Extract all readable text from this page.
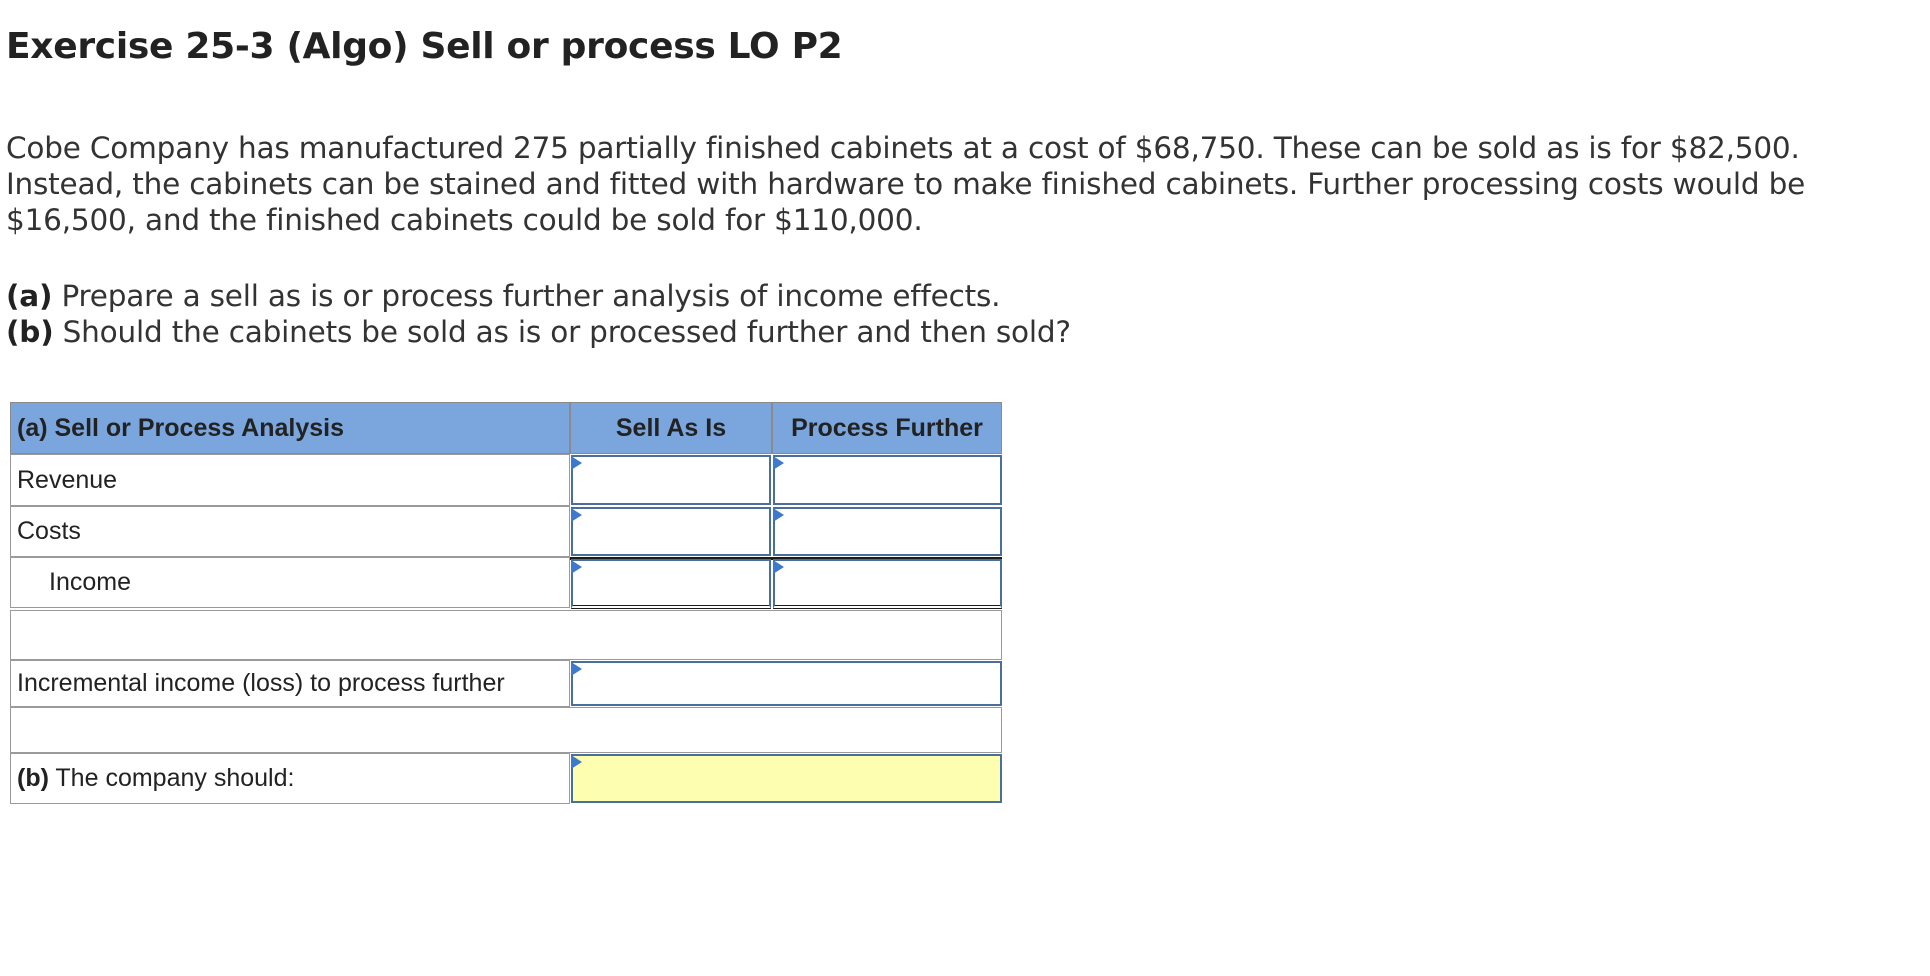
Exercise 25-3 (Algo) Sell or process LO P2
Cobe Company has manufactured 275 partially finished cabinets at a cost of $68,750. These can be sold as is for $82,500. Instead, the cabinets can be stained and fitted with hardware to make finished cabinets. Further processing costs would be $16,500, and the finished cabinets could be sold for $110,000.
(a) Prepare a sell as is or process further analysis of income effects.
(b) Should the cabinets be sold as is or processed further and then sold?
(a) Sell or Process Analysis	Sell As Is	Process Further
Revenue
Costs
Income
Incremental income (loss) to process further
(b) The company should:
